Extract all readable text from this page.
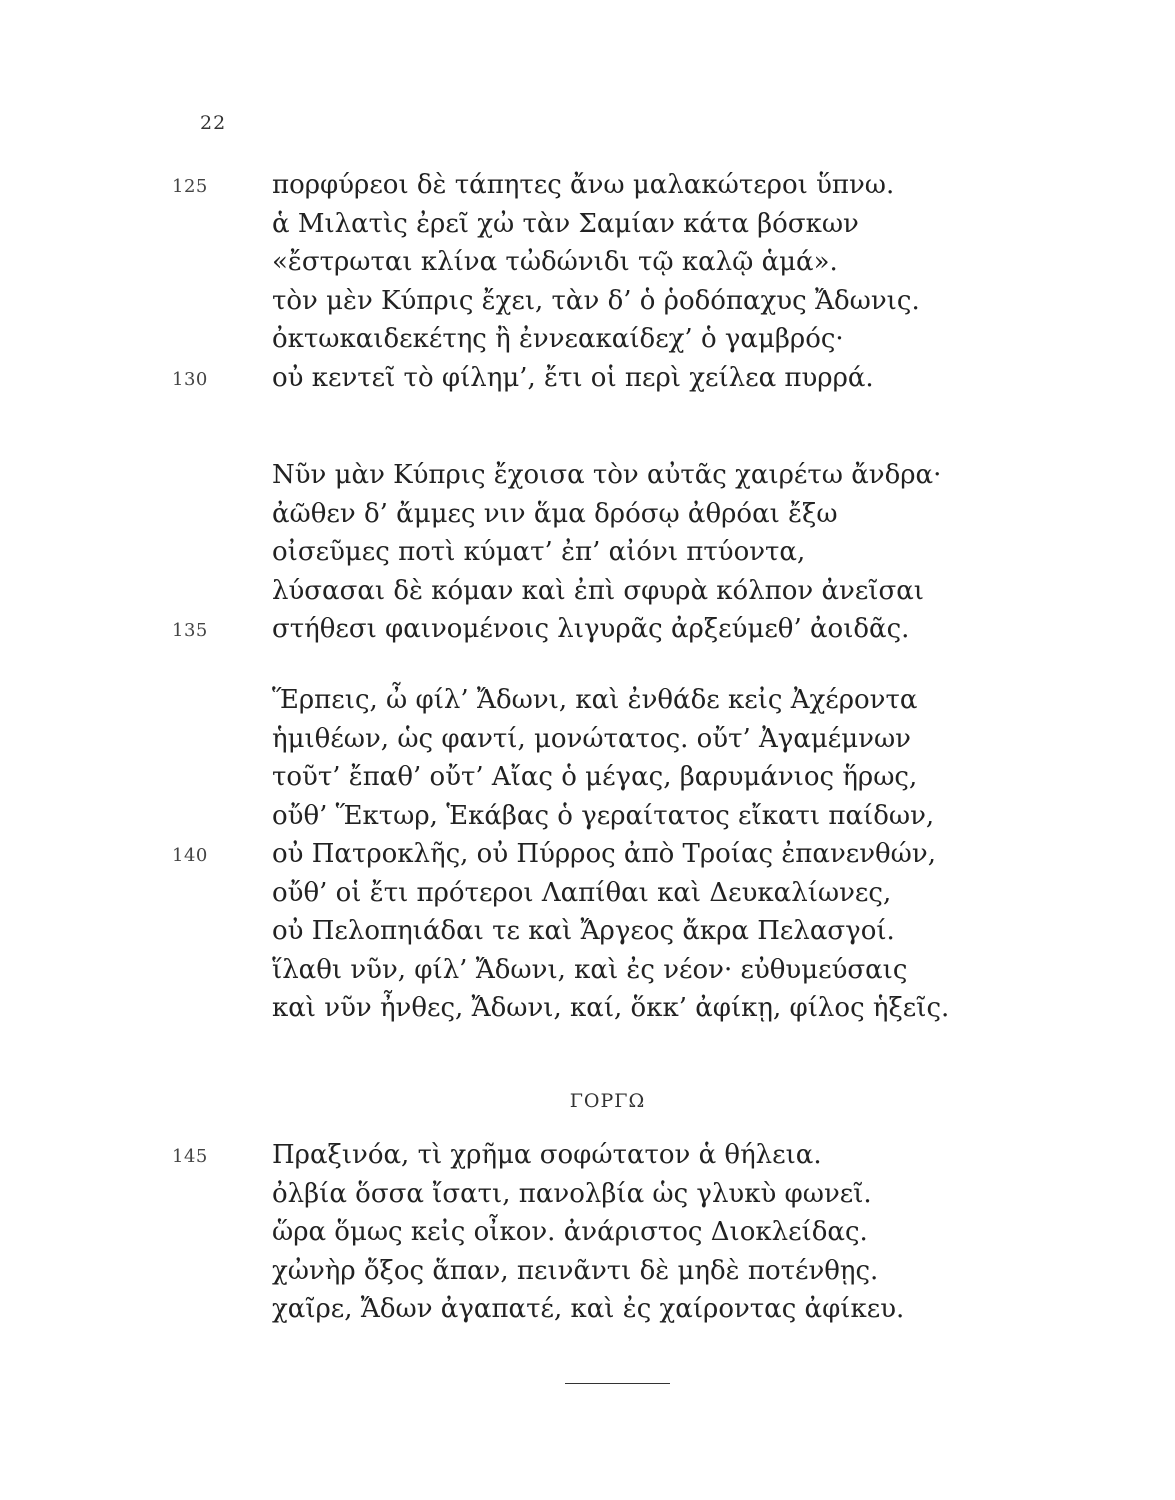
22
125 πορφύρεοι δὲ τάπητες ἄνω μαλακώτεροι ὕπνω.
ἁ Μιλατὶς ἐρεῖ χὠ τὰν Σαμίαν κάτα βόσκων
«ἔστρωται κλίνα τὠδώνιδι τῷ καλῷ ἁμά».
τὸν μὲν Κύπρις ἔχει, τὰν δ’ ὁ ῥοδόπαχυς Ἄδωνις.
ὀκτωκαιδεκέτης ἢ ἐννεακαίδεχ’ ὁ γαμβρός·
130 οὐ κεντεῖ τὸ φίλημ’, ἔτι οἱ περὶ χείλεα πυρρά.
Νῦν μὰν Κύπρις ἔχοισα τὸν αὐτᾶς χαιρέτω ἄνδρα·
ἀῶθεν δ’ ἄμμες νιν ἅμα δρόσῳ ἀθρόαι ἔξω
οἰσεῦμες ποτὶ κύματ’ ἐπ’ αἰόνι πτύοντα,
λύσασαι δὲ κόμαν καὶ ἐπὶ σφυρὰ κόλπον ἀνεῖσαι
135 στήθεσι φαινομένοις λιγυρᾶς ἀρξεύμεθ’ ἀοιδᾶς.
Ἕρπεις, ὦ φίλ’ Ἄδωνι, καὶ ἐνθάδε κεἰς Ἀχέροντα
ἡμιθέων, ὡς φαντί, μονώτατος. οὔτ’ Ἀγαμέμνων
τοῦτ’ ἔπαθ’ οὔτ’ Αἴας ὁ μέγας, βαρυμάνιος ἥρως,
οὔθ’ Ἕκτωρ, Ἑκάβας ὁ γεραίτατος εἴκατι παίδων,
140 οὐ Πατροκλῆς, οὐ Πύρρος ἀπὸ Τροίας ἐπανενθών,
οὔθ’ οἱ ἔτι πρότεροι Λαπίθαι καὶ Δευκαλίωνες,
οὐ Πελοπηιάδαι τε καὶ Ἄργεος ἄκρα Πελασγοί.
ἵλαθι νῦν, φίλ’ Ἄδωνι, καὶ ἐς νέον· εὐθυμεύσαις
καὶ νῦν ἦνθες, Ἄδωνι, καί, ὅκκ’ ἀφίκῃ, φίλος ἡξεῖς.
145 Πραξινόα, τὶ χρῆμα σοφώτατον ἁ θήλεια.
ὀλβία ὅσσα ἴσατι, πανολβία ὡς γλυκὺ φωνεῖ.
ὥρα ὅμως κεἰς οἶκον. ἀνάριστος Διοκλείδας.
χὠνὴρ ὄξος ἅπαν, πεινᾶντι δὲ μηδὲ ποτένθῃς.
χαῖρε, Ἄδων ἀγαπατέ, καὶ ἐς χαίροντας ἀφίκευ.
ΓΟΡΓΩ
